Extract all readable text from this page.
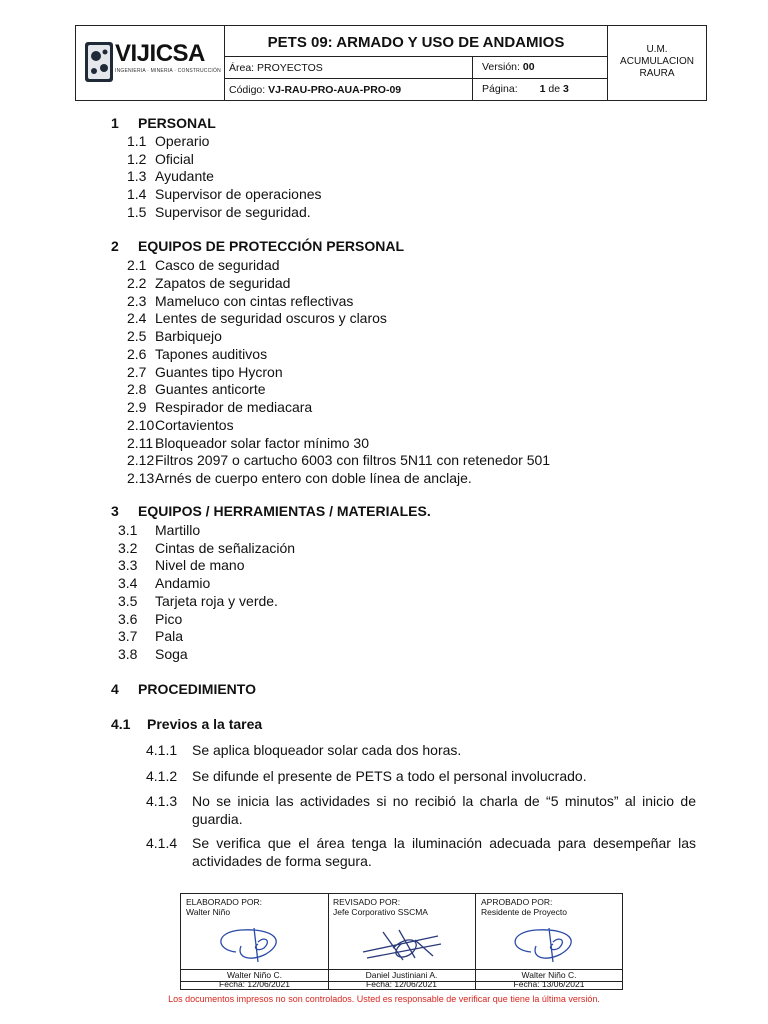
VIJICSA
INGENIERIA · MINERIA · CONSTRUCCIÓN
PETS 09: ARMADO Y USO DE ANDAMIOS
Área: PROYECTOS	Versión: 00
Código: VJ-RAU-PRO-AUA-PRO-09	Página: 1 de 3
U.M.
ACUMULACION
RAURA
1 PERSONAL
1.1 Operario
1.2 Oficial
1.3 Ayudante
1.4 Supervisor de operaciones
1.5 Supervisor de seguridad.
2 EQUIPOS DE PROTECCIÓN PERSONAL
2.1 Casco de seguridad
2.2 Zapatos de seguridad
2.3 Mameluco con cintas reflectivas
2.4 Lentes de seguridad oscuros y claros
2.5 Barbiquejo
2.6 Tapones auditivos
2.7 Guantes tipo Hycron
2.8 Guantes anticorte
2.9 Respirador de mediacara
2.10Cortavientos
2.11 Bloqueador solar factor mínimo 30
2.12Filtros 2097 o cartucho 6003 con filtros 5N11 con retenedor 501
2.13Arnés de cuerpo entero con doble línea de anclaje.
3 EQUIPOS / HERRAMIENTAS / MATERIALES.
3.1 Martillo
3.2 Cintas de señalización
3.3 Nivel de mano
3.4 Andamio
3.5 Tarjeta roja y verde.
3.6 Pico
3.7 Pala
3.8 Soga
4 PROCEDIMIENTO
4.1 Previos a la tarea
4.1.1 Se aplica bloqueador solar cada dos horas.
4.1.2 Se difunde el presente de PETS a todo el personal involucrado.
4.1.3 No se inicia las actividades si no recibió la charla de “5 minutos” al inicio de guardia.
4.1.4 Se verifica que el área tenga la iluminación adecuada para desempeñar las actividades de forma segura.
ELABORADO POR:
Walter Niño
Walter Niño C.
Fecha: 12/06/2021
REVISADO POR:
Jefe Corporativo SSCMA
Daniel Justiniani A.
Fecha: 12/06/2021
APROBADO POR:
Residente de Proyecto
Walter Niño C.
Fecha: 13/06/2021
Los documentos impresos no son controlados. Usted es responsable de verificar que tiene la última versión.
